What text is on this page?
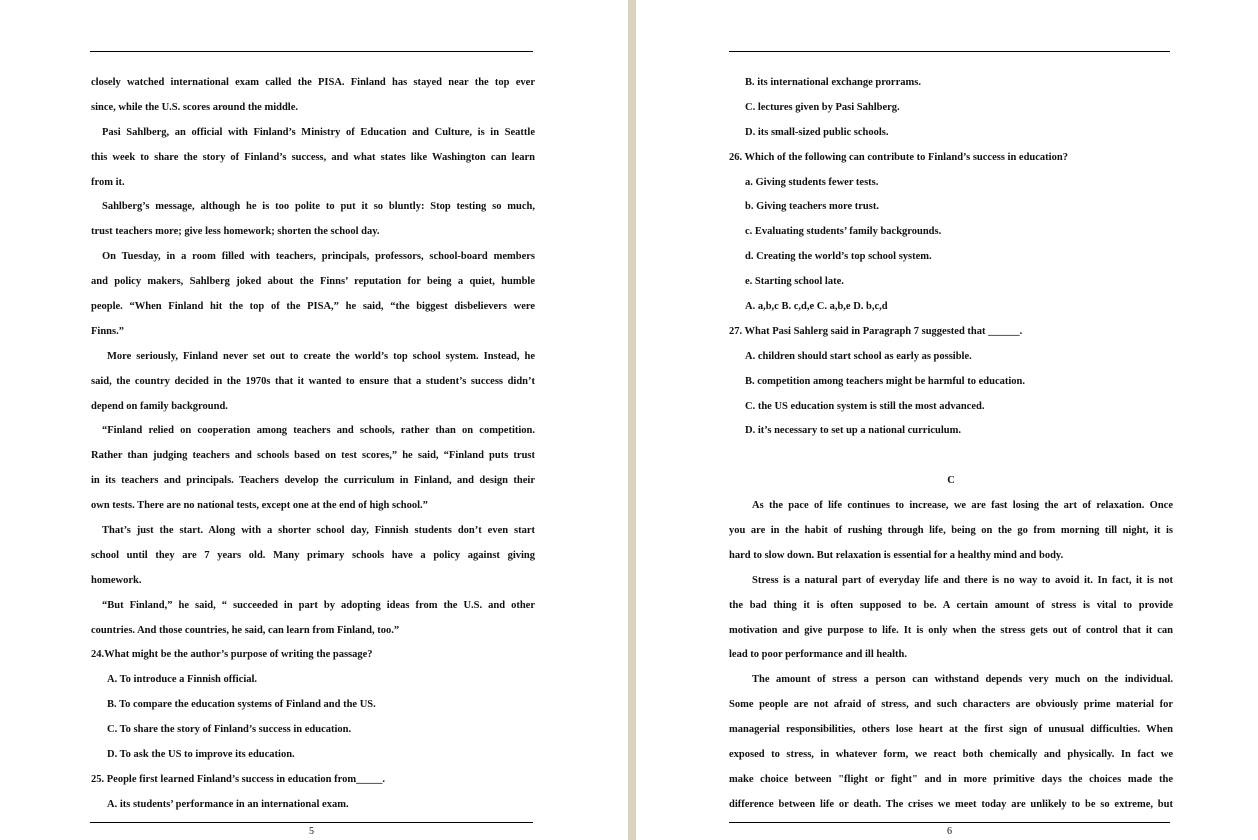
closely watched international exam called the PISA. Finland has stayed near the top ever
since, while the U.S. scores around the middle.
Pasi Sahlberg, an official with Finland’s Ministry of Education and Culture, is in Seattle
this week to share the story of Finland’s success, and what states like Washington can learn
from it.
Sahlberg’s message, although he is too polite to put it so bluntly: Stop testing so much,
trust teachers more; give less homework; shorten the school day.
On Tuesday, in a room filled with teachers, principals, professors, school-board members
and policy makers, Sahlberg joked about the Finns’ reputation for being a quiet, humble
people. “When Finland hit the top of the PISA,” he said, “the biggest disbelievers were
Finns.”
More seriously, Finland never set out to create the world’s top school system. Instead, he
said, the country decided in the 1970s that it wanted to ensure that a student’s success didn’t
depend on family background.
“Finland relied on cooperation among teachers and schools, rather than on competition.
Rather than judging teachers and schools based on test scores,” he said, “Finland puts trust
in its teachers and principals. Teachers develop the curriculum in Finland, and design their
own tests. There are no national tests, except one at the end of high school.”
That’s just the start. Along with a shorter school day, Finnish students don’t even start
school until they are 7 years old. Many primary schools have a policy against giving
homework.
“But Finland,” he said, “ succeeded in part by adopting ideas from the U.S. and other
countries. And those countries, he said, can learn from Finland, too.”
24.What might be the author’s purpose of writing the passage?
A. To introduce a Finnish official.
B. To compare the education systems of Finland and the US.
C. To share the story of Finland’s success in education.
D. To ask the US to improve its education.
25. People first learned Finland’s success in education from_____.
A. its students’ performance in an international exam.
5
B. its international exchange prorrams.
C. lectures given by Pasi Sahlberg.
D. its small-sized public schools.
26. Which of the following can contribute to Finland’s success in education?
a. Giving students fewer tests.
b. Giving teachers more trust.
c. Evaluating students’ family backgrounds.
d. Creating the world’s top school system.
e. Starting school late.
A. a,b,c B. c,d,e C. a,b,e D. b,c,d
27. What Pasi Sahlerg said in Paragraph 7 suggested that ______.
A. children should start school as early as possible.
B. competition among teachers might be harmful to education.
C. the US education system is still the most advanced.
D. it’s necessary to set up a national curriculum.
C
As the pace of life continues to increase, we are fast losing the art of relaxation. Once
you are in the habit of rushing through life, being on the go from morning till night, it is
hard to slow down. But relaxation is essential for a healthy mind and body.
Stress is a natural part of everyday life and there is no way to avoid it. In fact, it is not
the bad thing it is often supposed to be. A certain amount of stress is vital to provide
motivation and give purpose to life. It is only when the stress gets out of control that it can
lead to poor performance and ill health.
The amount of stress a person can withstand depends very much on the individual.
Some people are not afraid of stress, and such characters are obviously prime material for
managerial responsibilities, others lose heart at the first sign of unusual difficulties. When
exposed to stress, in whatever form, we react both chemically and physically. In fact we
make choice between "flight or fight" and in more primitive days the choices made the
difference between life or death. The crises we meet today are unlikely to be so extreme, but
6
